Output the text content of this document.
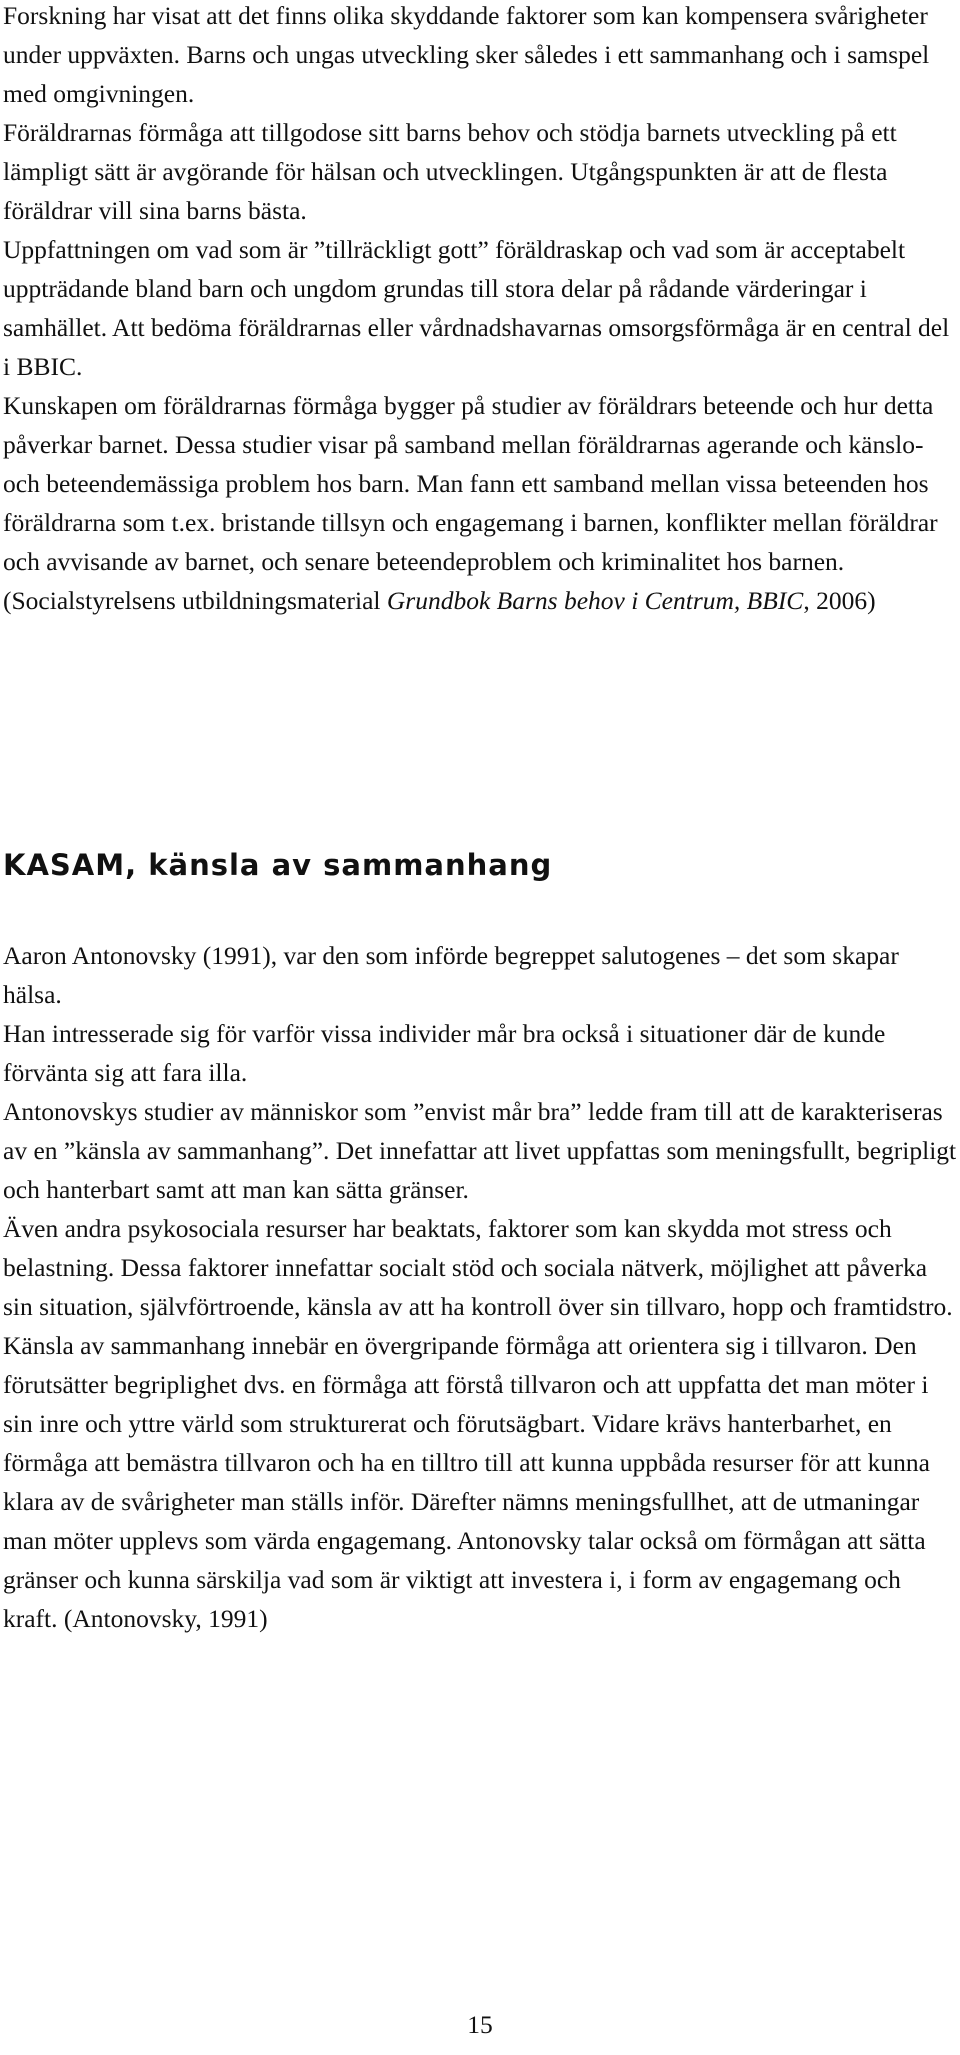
Forskning har visat att det finns olika skyddande faktorer som kan kompensera svårigheter under uppväxten. Barns och ungas utveckling sker således i ett sammanhang och i samspel med omgivningen.

Föräldrarnas förmåga att tillgodose sitt barns behov och stödja barnets utveckling på ett lämpligt sätt är avgörande för hälsan och utvecklingen. Utgångspunkten är att de flesta föräldrar vill sina barns bästa.

Uppfattningen om vad som är ”tillräckligt gott” föräldraskap och vad som är acceptabelt uppträdande bland barn och ungdom grundas till stora delar på rådande värderingar i samhället. Att bedöma föräldrarnas eller vårdnadshavarnas omsorgsförmåga är en central del i BBIC.

Kunskapen om föräldrarnas förmåga bygger på studier av föräldrars beteende och hur detta påverkar barnet. Dessa studier visar på samband mellan föräldrarnas agerande och känslo- och beteendemässiga problem hos barn. Man fann ett samband mellan vissa beteenden hos föräldrarna som t.ex. bristande tillsyn och engagemang i barnen, konflikter mellan föräldrar och avvisande av barnet, och senare beteendeproblem och kriminalitet hos barnen.

(Socialstyrelsens utbildningsmaterial Grundbok Barns behov i Centrum, BBIC, 2006)

KASAM, känsla av sammanhang

Aaron Antonovsky (1991), var den som införde begreppet salutogenes – det som skapar hälsa.

Han intresserade sig för varför vissa individer mår bra också i situationer där de kunde förvänta sig att fara illa.

Antonovskys studier av människor som ”envist mår bra” ledde fram till att de karakteriseras av en ”känsla av sammanhang”. Det innefattar att livet uppfattas som meningsfullt, begripligt och hanterbart samt att man kan sätta gränser.

Även andra psykosociala resurser har beaktats, faktorer som kan skydda mot stress och belastning. Dessa faktorer innefattar socialt stöd och sociala nätverk, möjlighet att påverka sin situation, självförtroende, känsla av att ha kontroll över sin tillvaro, hopp och framtidstro.

Känsla av sammanhang innebär en övergripande förmåga att orientera sig i tillvaron. Den förutsätter begriplighet dvs. en förmåga att förstå tillvaron och att uppfatta det man möter i sin inre och yttre värld som strukturerat och förutsägbart. Vidare krävs hanterbarhet, en förmåga att bemästra tillvaron och ha en tilltro till att kunna uppbåda resurser för att kunna klara av de svårigheter man ställs inför. Därefter nämns meningsfullhet, att de utmaningar man möter upplevs som värda engagemang. Antonovsky talar också om förmågan att sätta gränser och kunna särskilja vad som är viktigt att investera i, i form av engagemang och kraft. (Antonovsky, 1991)

15
